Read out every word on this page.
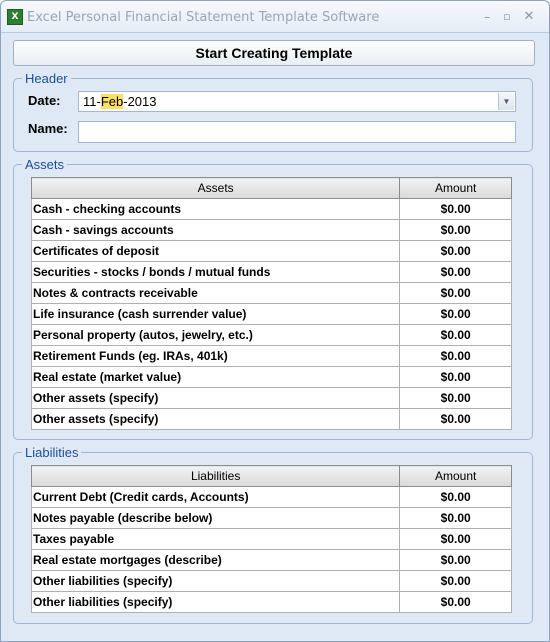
X Excel Personal Financial Statement Template Software	–	▫ ✕
Start Creating Template
Header
Date:	11-Feb-2013	▼
Name:
Assets
Assets	Amount
Cash - checking accounts	$0.00
Cash - savings accounts	$0.00
Certificates of deposit	$0.00
Securities - stocks / bonds / mutual funds	$0.00
Notes & contracts receivable	$0.00
Life insurance (cash surrender value)	$0.00
Personal property (autos, jewelry, etc.)	$0.00
Retirement Funds (eg. IRAs, 401k)	$0.00
Real estate (market value)	$0.00
Other assets (specify)	$0.00
Other assets (specify)	$0.00
Liabilities
Liabilities	Amount
Current Debt (Credit cards, Accounts)	$0.00
Notes payable (describe below)	$0.00
Taxes payable	$0.00
Real estate mortgages (describe)	$0.00
Other liabilities (specify)	$0.00
Other liabilities (specify)	$0.00
